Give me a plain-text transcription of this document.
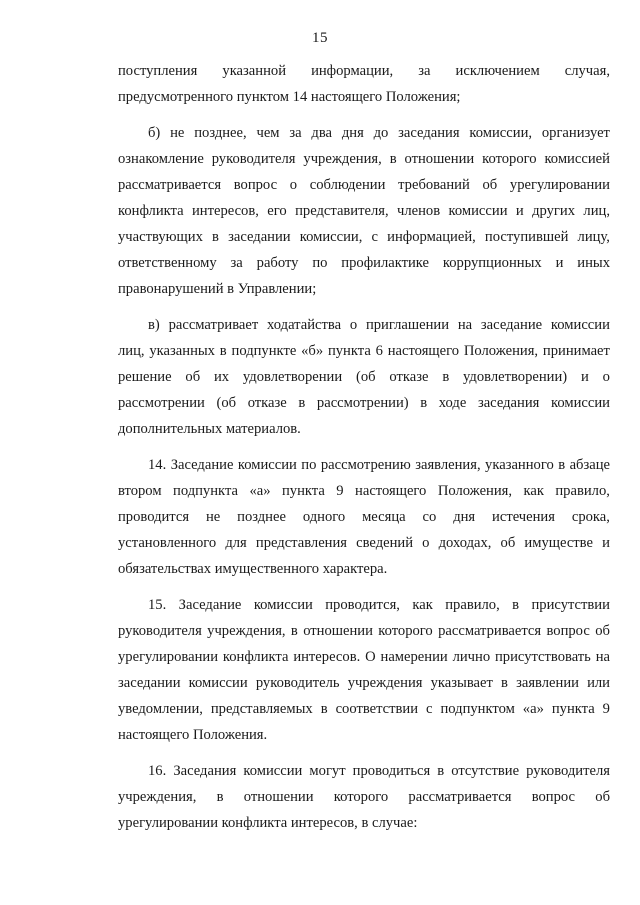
15
поступления указанной информации, за исключением случая,
предусмотренного пунктом 14 настоящего Положения;
б) не позднее, чем за два дня до заседания комиссии, организует
ознакомление руководителя учреждения, в отношении которого комиссией
рассматривается вопрос о соблюдении требований об урегулировании
конфликта интересов, его представителя, членов комиссии и других лиц,
участвующих в заседании комиссии, с информацией, поступившей лицу,
ответственному за работу по профилактике коррупционных и иных
правонарушений в Управлении;
в) рассматривает ходатайства о приглашении на заседание комиссии
лиц, указанных в подпункте «б» пункта 6 настоящего Положения, принимает
решение об их удовлетворении (об отказе в удовлетворении) и о
рассмотрении (об отказе в рассмотрении) в ходе заседания комиссии
дополнительных материалов.
14. Заседание комиссии по рассмотрению заявления, указанного в абзаце
втором подпункта «а» пункта 9 настоящего Положения, как правило,
проводится не позднее одного месяца со дня истечения срока,
установленного для представления сведений о доходах, об имуществе и
обязательствах имущественного характера.
15. Заседание комиссии проводится, как правило, в присутствии
руководителя учреждения, в отношении которого рассматривается вопрос об
урегулировании конфликта интересов. О намерении лично присутствовать на
заседании комиссии руководитель учреждения указывает в заявлении или
уведомлении, представляемых в соответствии с подпунктом «а» пункта 9
настоящего Положения.
16. Заседания комиссии могут проводиться в отсутствие руководителя
учреждения, в отношении которого рассматривается вопрос об
урегулировании конфликта интересов, в случае:
